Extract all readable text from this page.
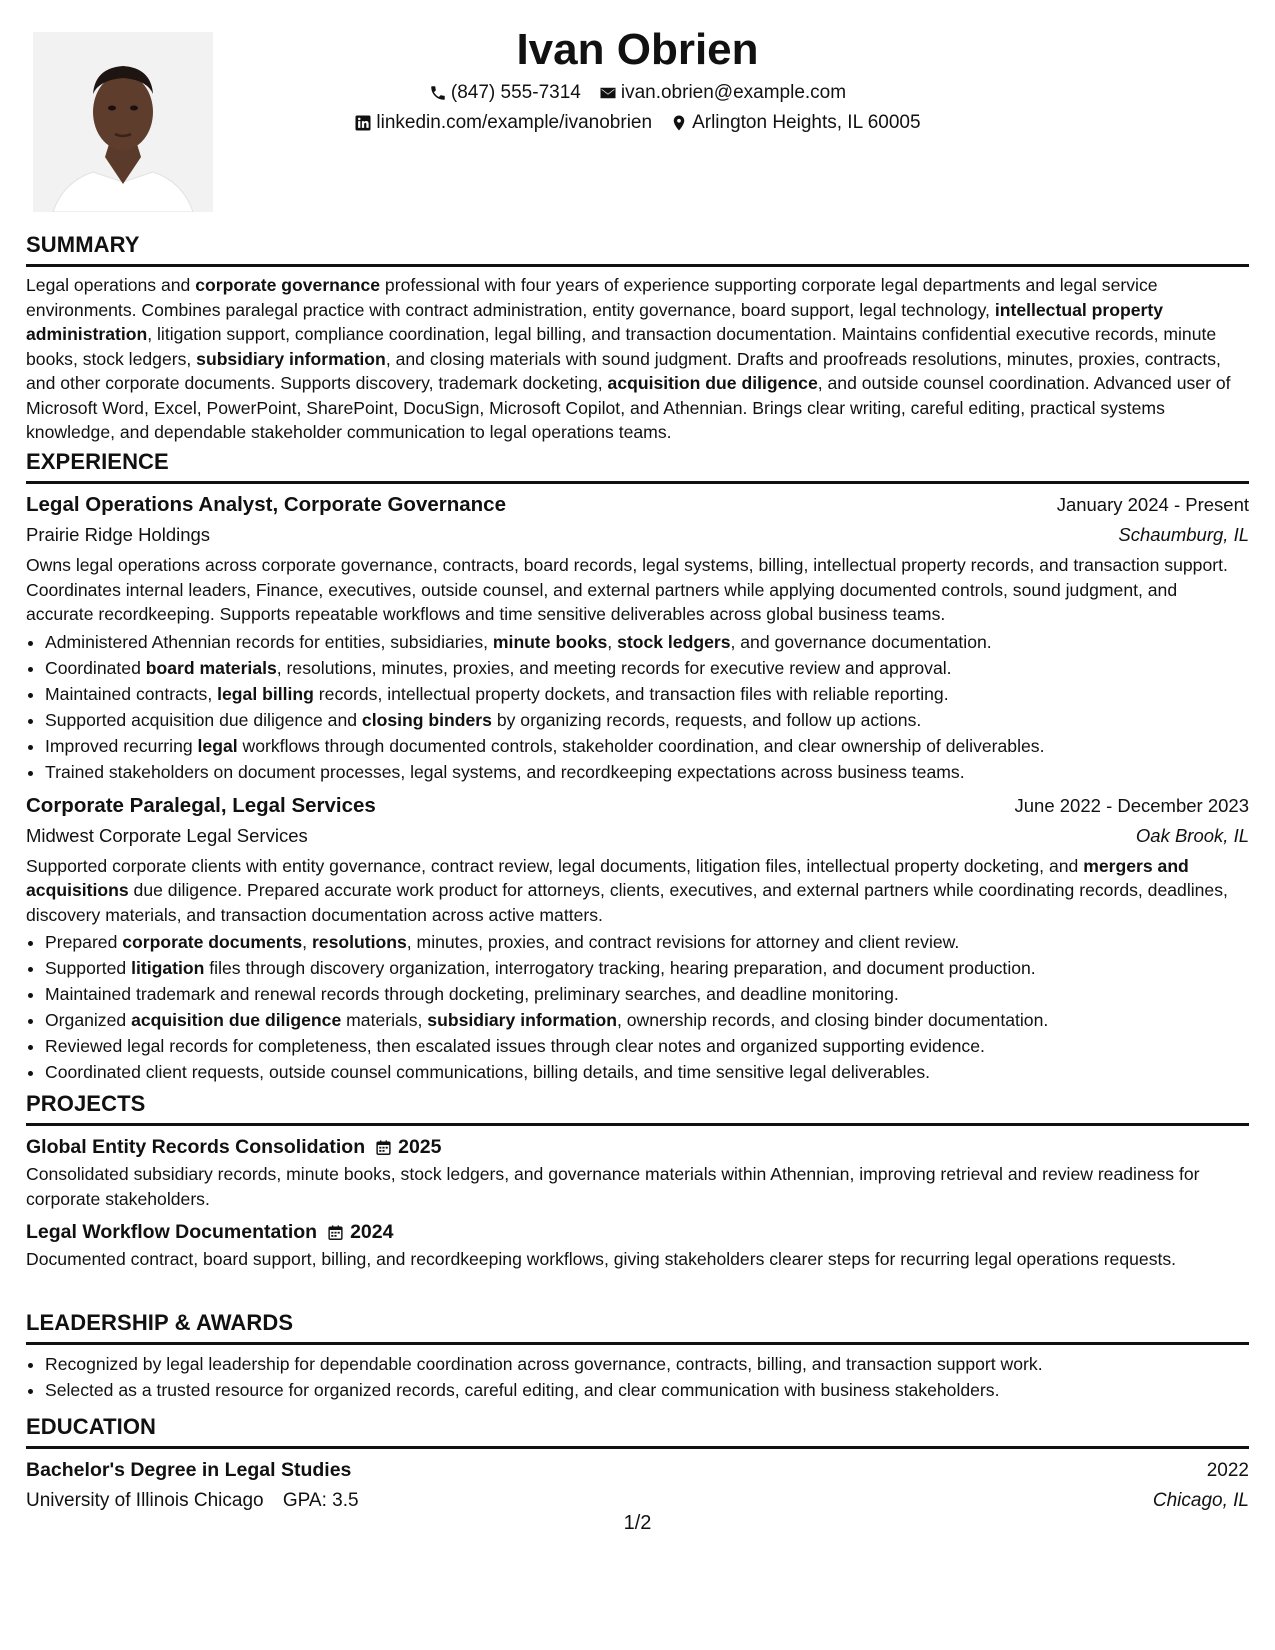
Ivan Obrien
(847) 555-7314 ivan.obrien@example.com
linkedin.com/example/ivanobrien Arlington Heights, IL 60005
SUMMARY
Legal operations and corporate governance professional with four years of experience supporting corporate legal departments and legal service environments. Combines paralegal practice with contract administration, entity governance, board support, legal technology, intellectual property administration, litigation support, compliance coordination, legal billing, and transaction documentation. Maintains confidential executive records, minute books, stock ledgers, subsidiary information, and closing materials with sound judgment. Drafts and proofreads resolutions, minutes, proxies, contracts, and other corporate documents. Supports discovery, trademark docketing, acquisition due diligence, and outside counsel coordination. Advanced user of Microsoft Word, Excel, PowerPoint, SharePoint, DocuSign, Microsoft Copilot, and Athennian. Brings clear writing, careful editing, practical systems knowledge, and dependable stakeholder communication to legal operations teams.
EXPERIENCE
Legal Operations Analyst, Corporate Governance	January 2024 - Present
Prairie Ridge Holdings	Schaumburg, IL
Owns legal operations across corporate governance, contracts, board records, legal systems, billing, intellectual property records, and transaction support. Coordinates internal leaders, Finance, executives, outside counsel, and external partners while applying documented controls, sound judgment, and accurate recordkeeping. Supports repeatable workflows and time sensitive deliverables across global business teams.
• Administered Athennian records for entities, subsidiaries, minute books, stock ledgers, and governance documentation.
• Coordinated board materials, resolutions, minutes, proxies, and meeting records for executive review and approval.
• Maintained contracts, legal billing records, intellectual property dockets, and transaction files with reliable reporting.
• Supported acquisition due diligence and closing binders by organizing records, requests, and follow up actions.
• Improved recurring legal workflows through documented controls, stakeholder coordination, and clear ownership of deliverables.
• Trained stakeholders on document processes, legal systems, and recordkeeping expectations across business teams.
Corporate Paralegal, Legal Services	June 2022 - December 2023
Midwest Corporate Legal Services	Oak Brook, IL
Supported corporate clients with entity governance, contract review, legal documents, litigation files, intellectual property docketing, and mergers and acquisitions due diligence. Prepared accurate work product for attorneys, clients, executives, and external partners while coordinating records, deadlines, discovery materials, and transaction documentation across active matters.
• Prepared corporate documents, resolutions, minutes, proxies, and contract revisions for attorney and client review.
• Supported litigation files through discovery organization, interrogatory tracking, hearing preparation, and document production.
• Maintained trademark and renewal records through docketing, preliminary searches, and deadline monitoring.
• Organized acquisition due diligence materials, subsidiary information, ownership records, and closing binder documentation.
• Reviewed legal records for completeness, then escalated issues through clear notes and organized supporting evidence.
• Coordinated client requests, outside counsel communications, billing details, and time sensitive legal deliverables.
PROJECTS
Global Entity Records Consolidation 2025
Consolidated subsidiary records, minute books, stock ledgers, and governance materials within Athennian, improving retrieval and review readiness for corporate stakeholders.
Legal Workflow Documentation 2024
Documented contract, board support, billing, and recordkeeping workflows, giving stakeholders clearer steps for recurring legal operations requests.
LEADERSHIP & AWARDS
• Recognized by legal leadership for dependable coordination across governance, contracts, billing, and transaction support work.
• Selected as a trusted resource for organized records, careful editing, and clear communication with business stakeholders.
EDUCATION
Bachelor's Degree in Legal Studies	2022
University of Illinois Chicago GPA: 3.5	Chicago, IL
1/2
